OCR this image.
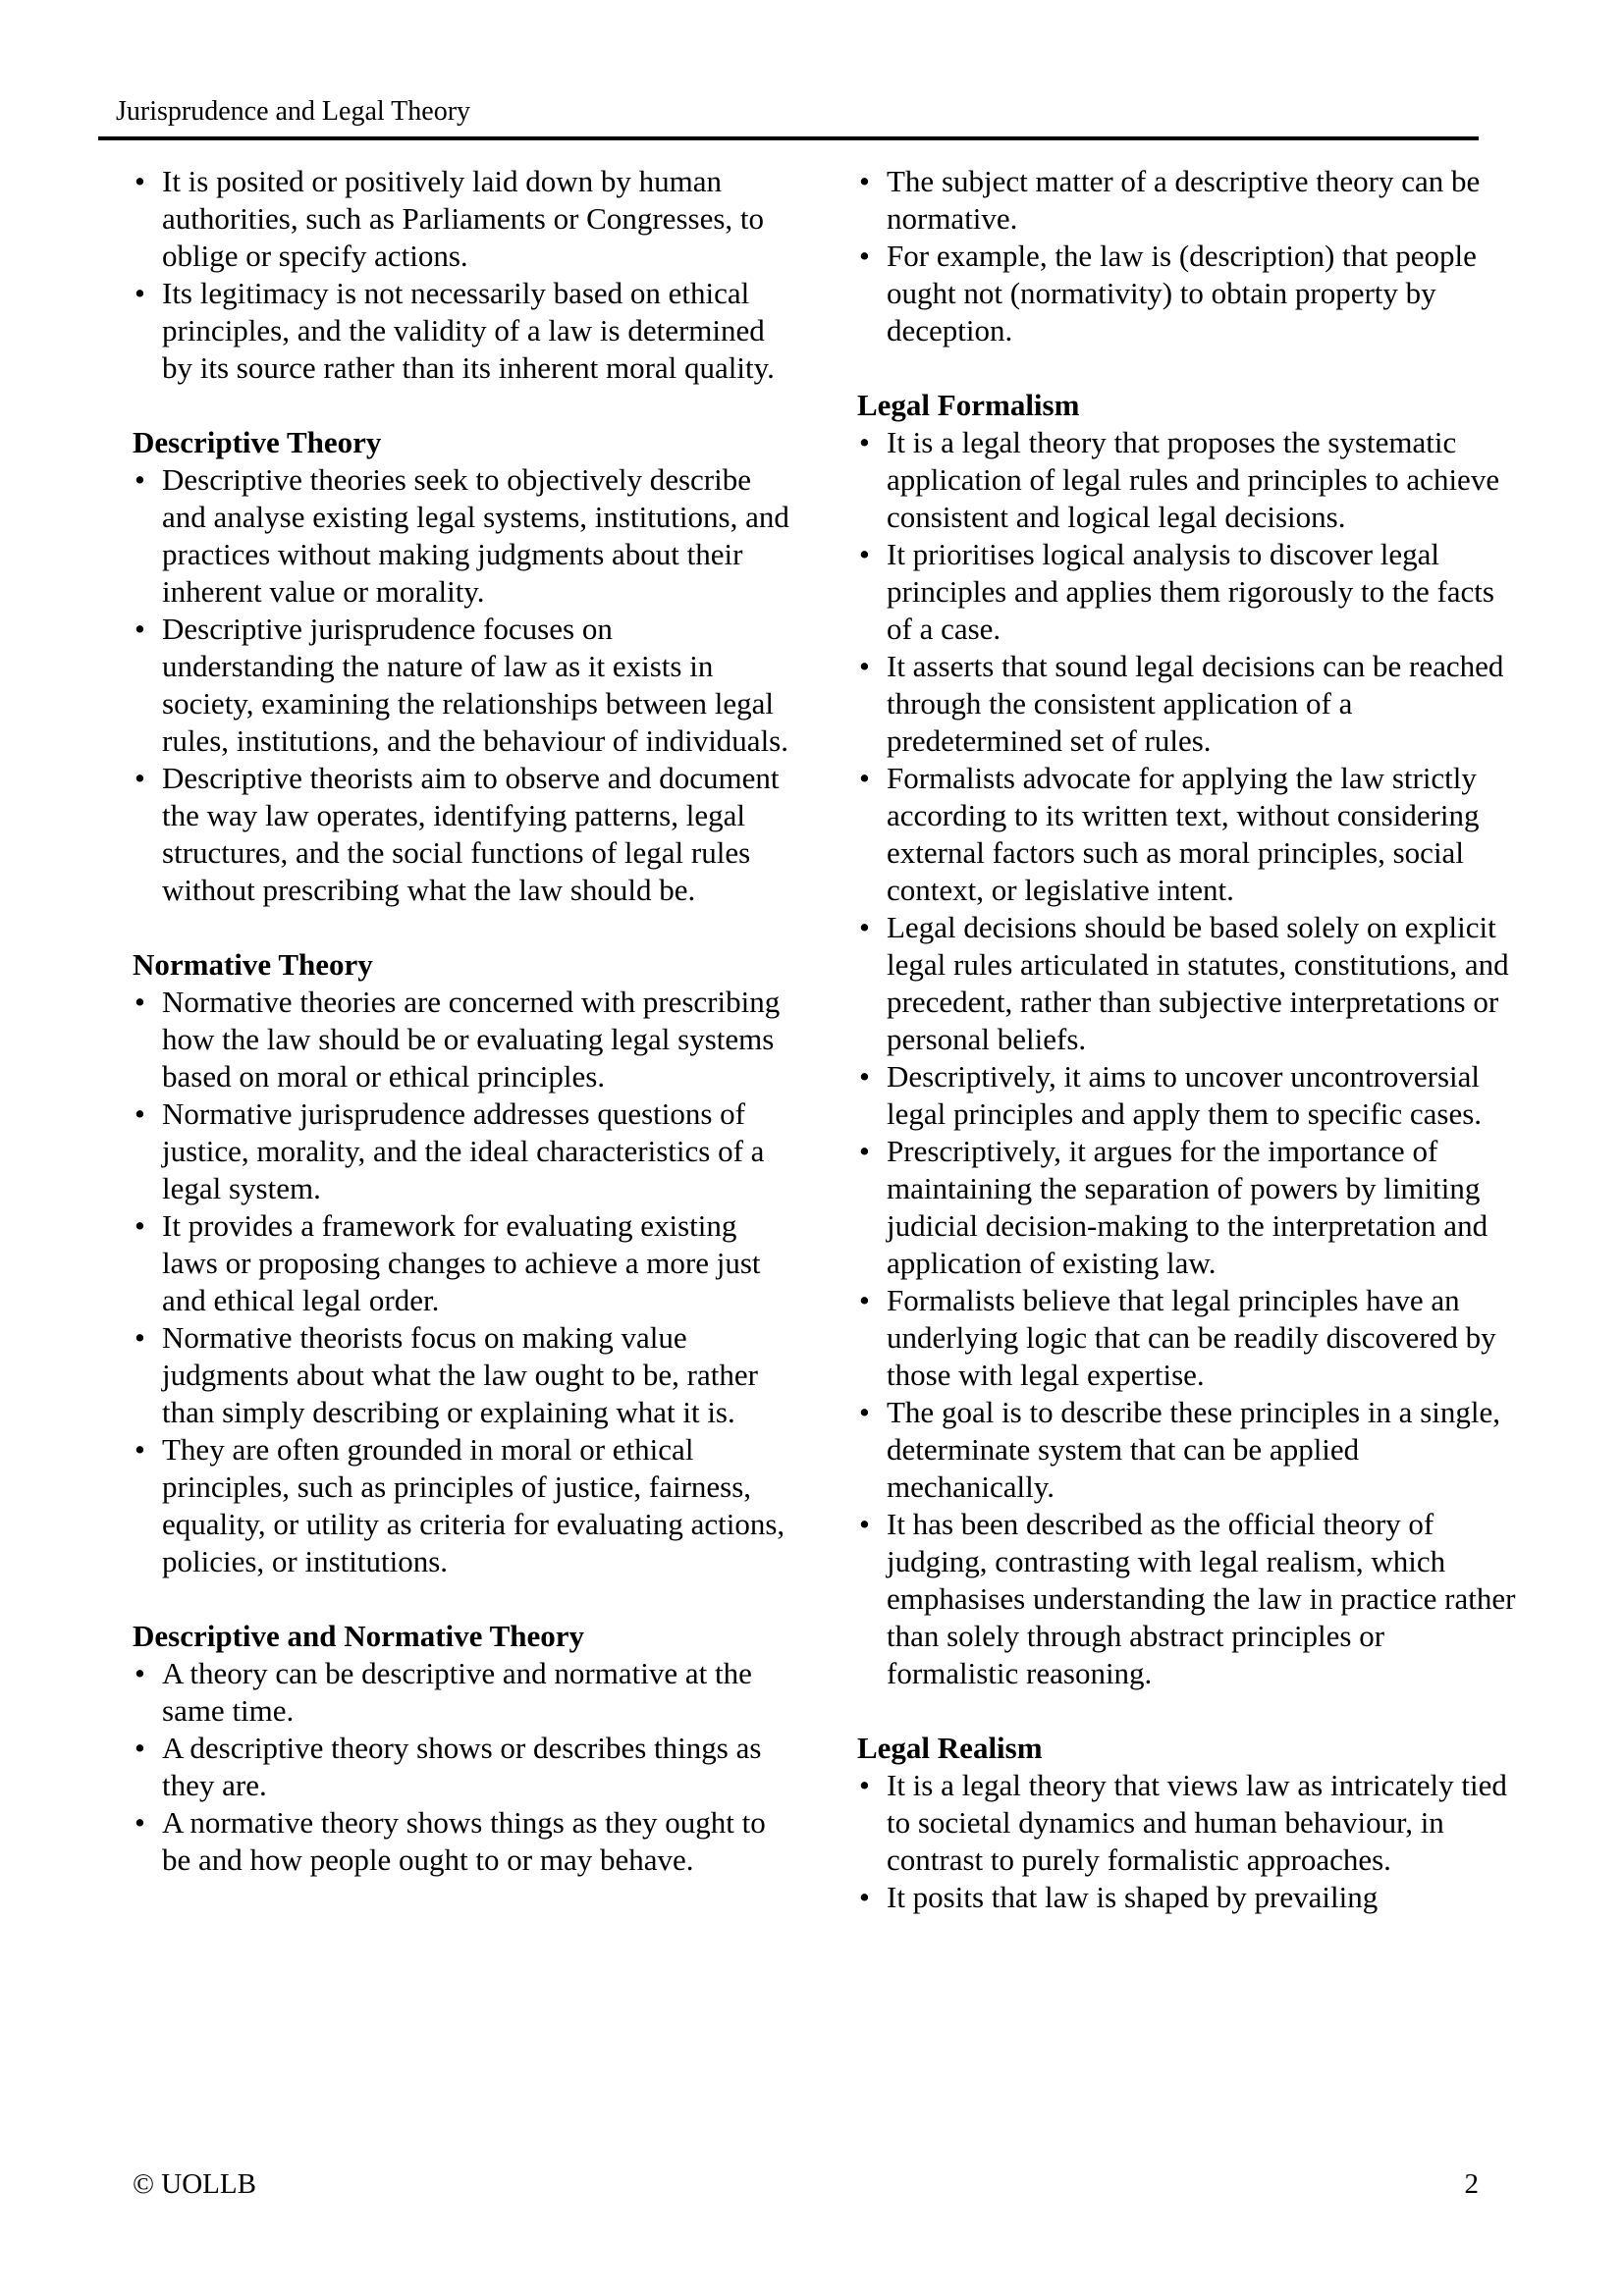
Jurisprudence and Legal Theory
• It is posited or positively laid down by human authorities, such as Parliaments or Congresses, to oblige or specify actions.
• Its legitimacy is not necessarily based on ethical principles, and the validity of a law is determined by its source rather than its inherent moral quality.
Descriptive Theory
• Descriptive theories seek to objectively describe and analyse existing legal systems, institutions, and practices without making judgments about their inherent value or morality.
• Descriptive jurisprudence focuses on understanding the nature of law as it exists in society, examining the relationships between legal rules, institutions, and the behaviour of individuals.
• Descriptive theorists aim to observe and document the way law operates, identifying patterns, legal structures, and the social functions of legal rules without prescribing what the law should be.
Normative Theory
• Normative theories are concerned with prescribing how the law should be or evaluating legal systems based on moral or ethical principles.
• Normative jurisprudence addresses questions of justice, morality, and the ideal characteristics of a legal system.
• It provides a framework for evaluating existing laws or proposing changes to achieve a more just and ethical legal order.
• Normative theorists focus on making value judgments about what the law ought to be, rather than simply describing or explaining what it is.
• They are often grounded in moral or ethical principles, such as principles of justice, fairness, equality, or utility as criteria for evaluating actions, policies, or institutions.
Descriptive and Normative Theory
• A theory can be descriptive and normative at the same time.
• A descriptive theory shows or describes things as they are.
• A normative theory shows things as they ought to be and how people ought to or may behave.
• The subject matter of a descriptive theory can be normative.
• For example, the law is (description) that people ought not (normativity) to obtain property by deception.
Legal Formalism
• It is a legal theory that proposes the systematic application of legal rules and principles to achieve consistent and logical legal decisions.
• It prioritises logical analysis to discover legal principles and applies them rigorously to the facts of a case.
• It asserts that sound legal decisions can be reached through the consistent application of a predetermined set of rules.
• Formalists advocate for applying the law strictly according to its written text, without considering external factors such as moral principles, social context, or legislative intent.
• Legal decisions should be based solely on explicit legal rules articulated in statutes, constitutions, and precedent, rather than subjective interpretations or personal beliefs.
• Descriptively, it aims to uncover uncontroversial legal principles and apply them to specific cases.
• Prescriptively, it argues for the importance of maintaining the separation of powers by limiting judicial decision-making to the interpretation and application of existing law.
• Formalists believe that legal principles have an underlying logic that can be readily discovered by those with legal expertise.
• The goal is to describe these principles in a single, determinate system that can be applied mechanically.
• It has been described as the official theory of judging, contrasting with legal realism, which emphasises understanding the law in practice rather than solely through abstract principles or formalistic reasoning.
Legal Realism
• It is a legal theory that views law as intricately tied to societal dynamics and human behaviour, in contrast to purely formalistic approaches.
• It posits that law is shaped by prevailing
© UOLLB	2
